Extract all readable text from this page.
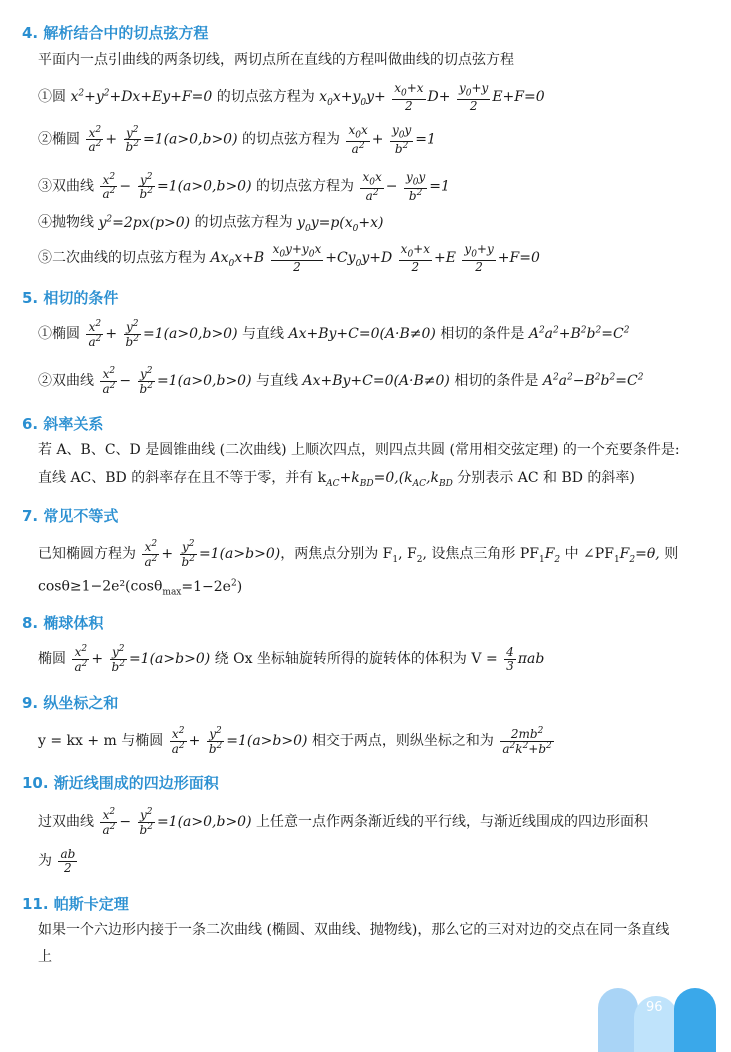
4. 解析结合中的切点弦方程
平面内一点引曲线的两条切线，两切点所在直线的方程叫做曲线的切点弦方程
①圆 $x^2+y^2+Dx+Ey+F=0$ 的切点弦方程为 $x_0x+y_0y+ \frac{x_0+x}{2} D+ \frac{y_0+y}{2} E+F=0$
②椭圆 $\frac{x^2}{a^2} + \frac{y^2}{b^2} =1(a>0,b>0)$ 的切点弦方程为 $\frac{x_0x}{a^2} + \frac{y_0y}{b^2} =1$
③双曲线 $\frac{x^2}{a^2} - \frac{y^2}{b^2} =1(a>0,b>0)$ 的切点弦方程为 $\frac{x_0x}{a^2} - \frac{y_0y}{b^2} =1$
④抛物线 $y^2=2px(p>0)$ 的切点弦方程为 $y_0y=p(x_0+x)$
⑤二次曲线的切点弦方程为 $Ax_0x+B \frac{x_0y+y_0x}{2} +Cy_0y+D \frac{x_0+x}{2} +E \frac{y_0+y}{2} +F=0$
5. 相切的条件
①椭圆 $\frac{x^2}{a^2} + \frac{y^2}{b^2} =1(a>0,b>0)$ 与直线 Ax+By+C=0(A·B≠0) 相切的条件是 $A^2a^2+B^2b^2=C^2$
②双曲线 $\frac{x^2}{a^2} - \frac{y^2}{b^2} =1(a>0,b>0)$ 与直线 Ax+By+C=0(A·B≠0) 相切的条件是 $A^2a^2-B^2b^2=C^2$
6. 斜率关系
若 A、B、C、D 是圆锥曲线 (二次曲线) 上顺次四点，则四点共圆 (常用相交弦定理) 的一个充要条件是:
直线 AC、BD 的斜率存在且不等于零，并有 $k_{AC}+k_{BD}=0,(k_{AC},k_{BD}$ 分别表示 AC 和 BD 的斜率)
7. 常见不等式
已知椭圆方程为 $\frac{x^2}{a^2} + \frac{y^2}{b^2} =1(a>b>0)$，两焦点分别为 $F_1$, $F_2$, 设焦点三角形 $PF_1F_2$ 中 $\angle PF_1F_2=\theta$, 则
$\cos\theta\ge 1-2e^2(\cos\theta_{max}=1-2e^2)$
8. 椭球体积
椭圆 $\frac{x^2}{a^2} + \frac{y^2}{b^2} =1(a>b>0)$ 绕 Ox 坐标轴旋转所得的旋转体的体积为 $V = \frac{4}{3}$ πab
9. 纵坐标之和
y = kx + m 与椭圆 $\frac{x^2}{a^2} + \frac{y^2}{b^2} =1(a>b>0)$ 相交于两点，则纵坐标之和为 $\frac{2mb^2}{a^2k^2+b^2}$
10. 渐近线围成的四边形面积
过双曲线 $\frac{x^2}{a^2} - \frac{y^2}{b^2} =1(a>0,b>0)$ 上任意一点作两条渐近线的平行线，与渐近线围成的四边形面积
为 $\frac{ab}{2}$
11. 帕斯卡定理
如果一个六边形内接于一条二次曲线 (椭圆、双曲线、抛物线)，那么它的三对对边的交点在同一条直线
上
96
